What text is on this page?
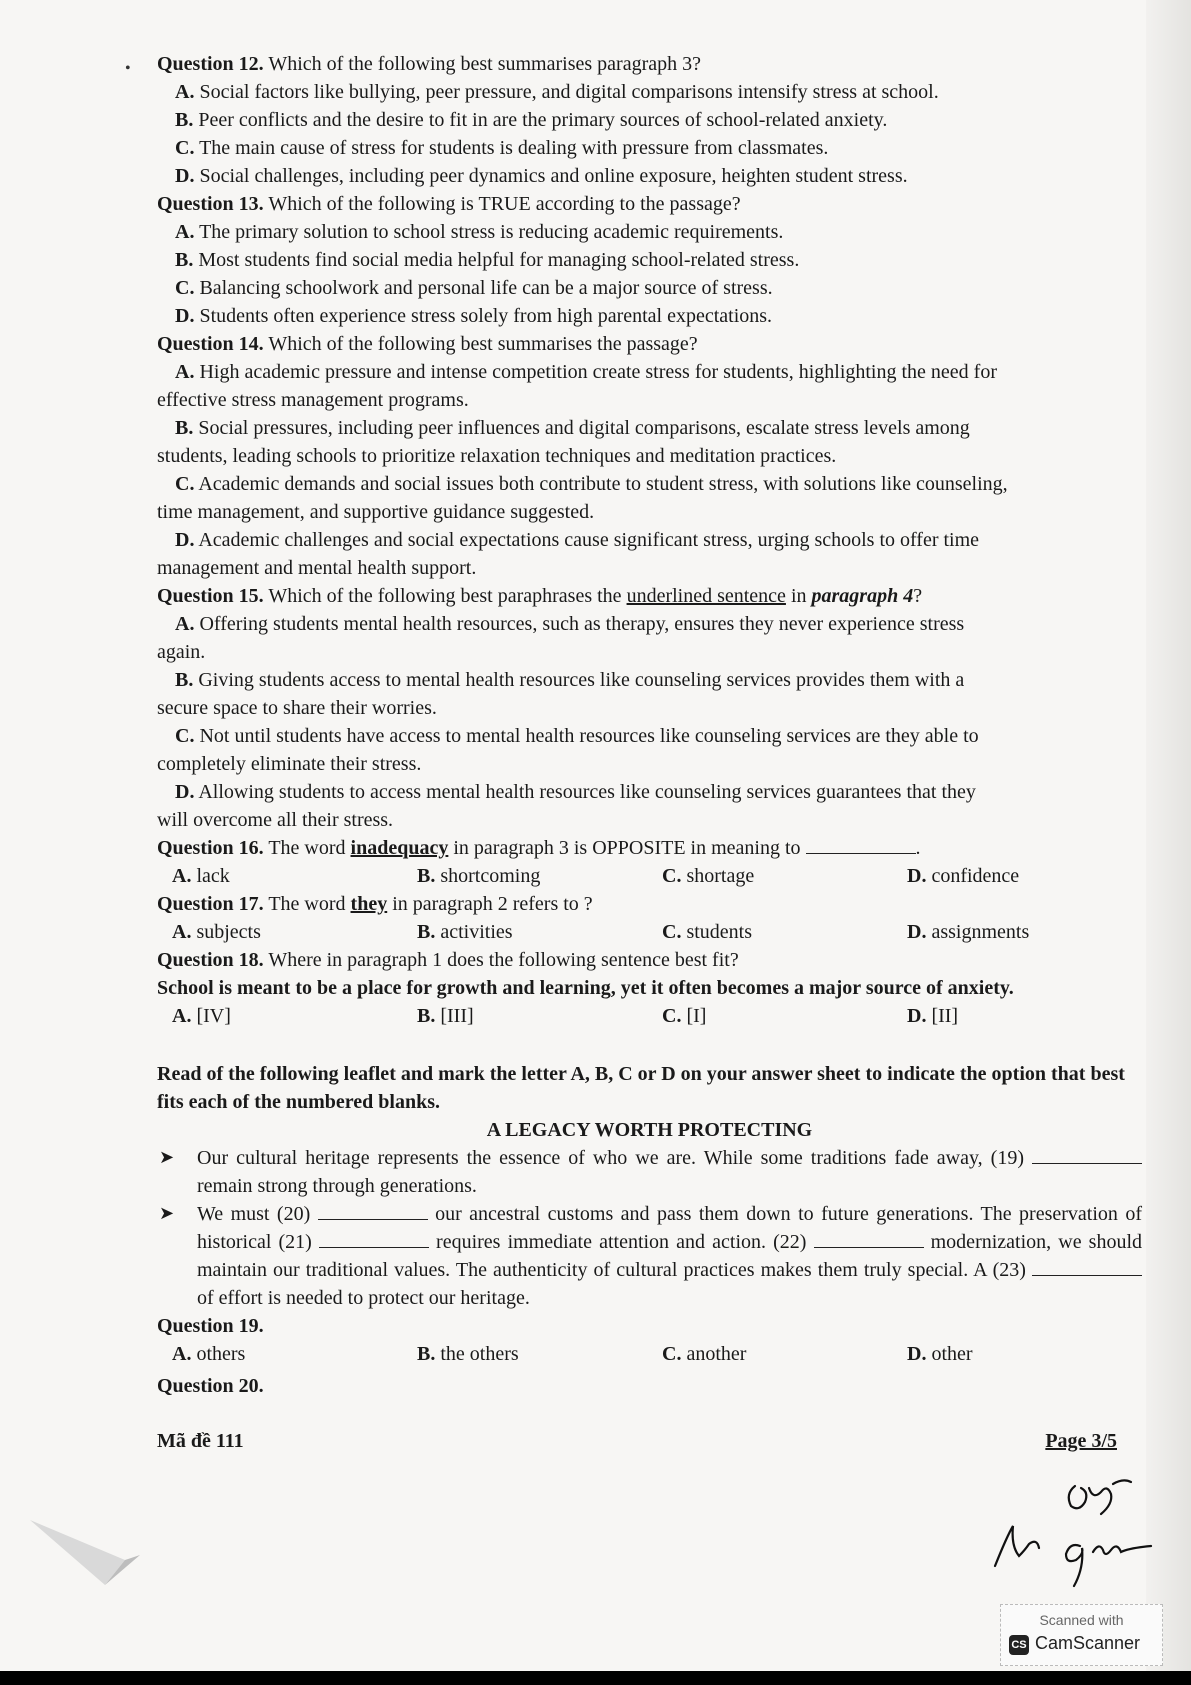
• Question 12. Which of the following best summarises paragraph 3?

A. Social factors like bullying, peer pressure, and digital comparisons intensify stress at school.

B. Peer conflicts and the desire to fit in are the primary sources of school-related anxiety.

C. The main cause of stress for students is dealing with pressure from classmates.

D. Social challenges, including peer dynamics and online exposure, heighten student stress.

Question 13. Which of the following is TRUE according to the passage?

A. The primary solution to school stress is reducing academic requirements.

B. Most students find social media helpful for managing school-related stress.

C. Balancing schoolwork and personal life can be a major source of stress.

D. Students often experience stress solely from high parental expectations.

Question 14. Which of the following best summarises the passage?

A. High academic pressure and intense competition create stress for students, highlighting the need for
effective stress management programs.

B. Social pressures, including peer influences and digital comparisons, escalate stress levels among
students, leading schools to prioritize relaxation techniques and meditation practices.

C. Academic demands and social issues both contribute to student stress, with solutions like counseling,
time management, and supportive guidance suggested.

D. Academic challenges and social expectations cause significant stress, urging schools to offer time
management and mental health support.

Question 15. Which of the following best paraphrases the underlined sentence in paragraph 4?

A. Offering students mental health resources, such as therapy, ensures they never experience stress
again.

B. Giving students access to mental health resources like counseling services provides them with a
secure space to share their worries.

C. Not until students have access to mental health resources like counseling services are they able to
completely eliminate their stress.

D. Allowing students to access mental health resources like counseling services guarantees that they
will overcome all their stress.

Question 16. The word inadequacy in paragraph 3 is OPPOSITE in meaning to	.

A. lack	B. shortcoming	C. shortage	D. confidence

Question 17. The word they in paragraph 2 refers to ?

A. subjects	B. activities	C. students	D. assignments

Question 18. Where in paragraph 1 does the following sentence best fit?

School is meant to be a place for growth and learning, yet it often becomes a major source of anxiety.

A. [IV]	B. [III]	C. [I]	D. [II]

Read of the following leaflet and mark the letter A, B, C or D on your answer sheet to indicate the option that best fits each of the numbered blanks.

A LEGACY WORTH PROTECTING

➤ Our cultural heritage represents the essence of who we are. While some traditions fade away, (19)  remain strong through generations.

➤ We must (20)	our ancestral customs and pass them down to future generations. The preservation of historical (21)	requires immediate attention and action. (22)	modernization, we should maintain our traditional values. The authenticity of cultural practices makes them truly special. A (23)  of effort is needed to protect our heritage.

Question 19.

A. others	B. the others	C. another	D. other

Question 20.

Mã đề 111	Page 3/5
Scanned with
CS CamScanner
